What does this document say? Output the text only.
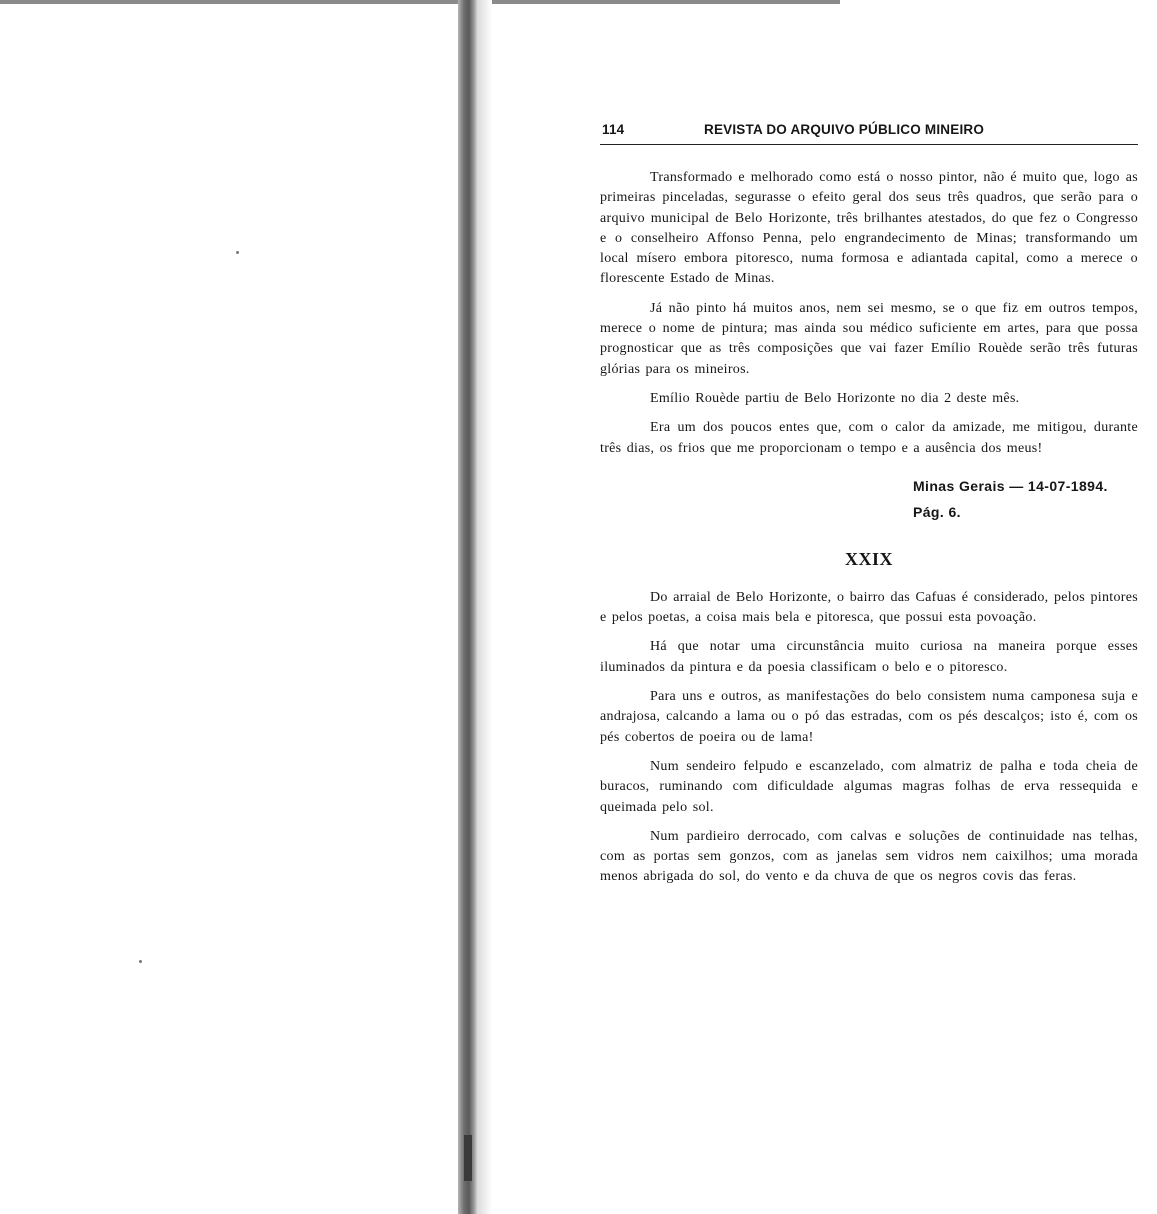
114	REVISTA DO ARQUIVO PÚBLICO MINEIRO

Transformado e melhorado como está o nosso pintor, não é muito que, logo as primeiras pinceladas, segurasse o efeito geral dos seus três quadros, que serão para o arquivo municipal de Belo Horizonte, três brilhantes atestados, do que fez o Congresso e o conselheiro Affonso Penna, pelo engrandecimento de Minas; transformando um local mísero embora pitoresco, numa formosa e adiantada capital, como a merece o florescente Estado de Minas.

Já não pinto há muitos anos, nem sei mesmo, se o que fiz em outros tempos, merece o nome de pintura; mas ainda sou médico suficiente em artes, para que possa prognosticar que as três composições que vai fazer Emílio Rouède serão três futuras glórias para os mineiros.

Emílio Rouède partiu de Belo Horizonte no dia 2 deste mês.

Era um dos poucos entes que, com o calor da amizade, me mitigou, durante três dias, os frios que me proporcionam o tempo e a ausência dos meus!

Minas Gerais — 14-07-1894.
Pág. 6.
XXIX

Do arraial de Belo Horizonte, o bairro das Cafuas é considerado, pelos pintores e pelos poetas, a coisa mais bela e pitoresca, que possui esta povoação.

Há que notar uma circunstância muito curiosa na maneira porque esses iluminados da pintura e da poesia classificam o belo e o pitoresco.

Para uns e outros, as manifestações do belo consistem numa camponesa suja e andrajosa, calcando a lama ou o pó das estradas, com os pés descalços; isto é, com os pés cobertos de poeira ou de lama!

Num sendeiro felpudo e escanzelado, com almatriz de palha e toda cheia de buracos, ruminando com dificuldade algumas magras folhas de erva ressequida e queimada pelo sol.

Num pardieiro derrocado, com calvas e soluções de continuidade nas telhas, com as portas sem gonzos, com as janelas sem vidros nem caixilhos; uma morada menos abrigada do sol, do vento e da chuva de que os negros covis das feras.
